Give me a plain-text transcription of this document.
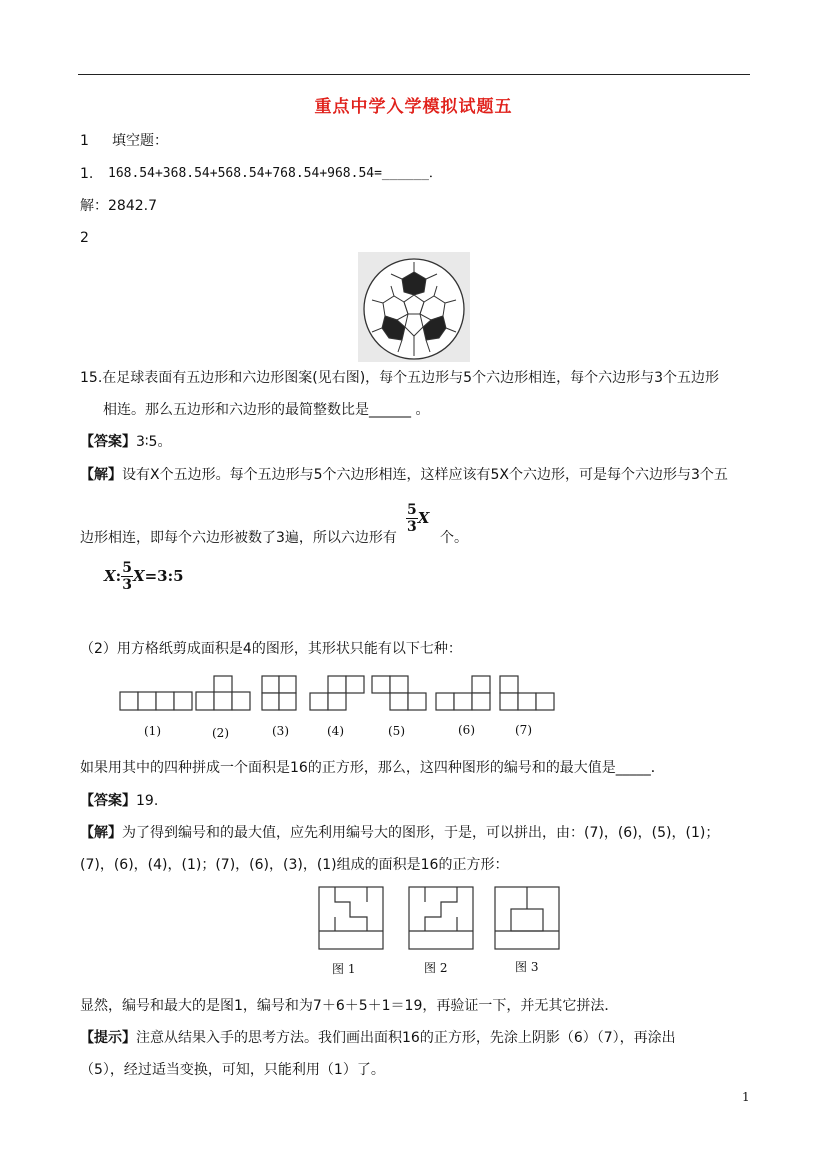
重点中学入学模拟试题五
1 填空题：
1. 168.54+368.54+568.54+768.54+968.54=______．
解：2842.7
2
15.在足球表面有五边形和六边形图案(见右图)，每个五边形与5个六边形相连，每个六边形与3个五边形
相连。那么五边形和六边形的最简整数比是______ 。
【答案】3∶5。
【解】设有X个五边形。每个五边形与5个六边形相连，这样应该有5X个六边形，可是每个六边形与3个五
边形相连，即每个六边形被数了3遍，所以六边形有
$\frac{5}{3}$ X
个。
X: $\frac{5}{3}$ X=3:5
（2）用方格纸剪成面积是4的图形，其形状只能有以下七种：
(1)	(2)	(3)	(4)	(5)	(6)	(7)
如果用其中的四种拼成一个面积是16的正方形，那么，这四种图形的编号和的最大值是_____．
【答案】19.
【解】为了得到编号和的最大值，应先利用编号大的图形，于是，可以拼出，由：(7)，(6)，(5)，(1)；
(7)，(6)，(4)，(1)；(7)，(6)，(3)，(1)组成的面积是16的正方形：
图 1	图 2	图 3
显然，编号和最大的是图1，编号和为7＋6＋5＋1＝19，再验证一下，并无其它拼法．
【提示】注意从结果入手的思考方法。我们画出面积16的正方形，先涂上阴影（6）（7），再涂出
（5），经过适当变换，可知，只能利用（1）了。
1
